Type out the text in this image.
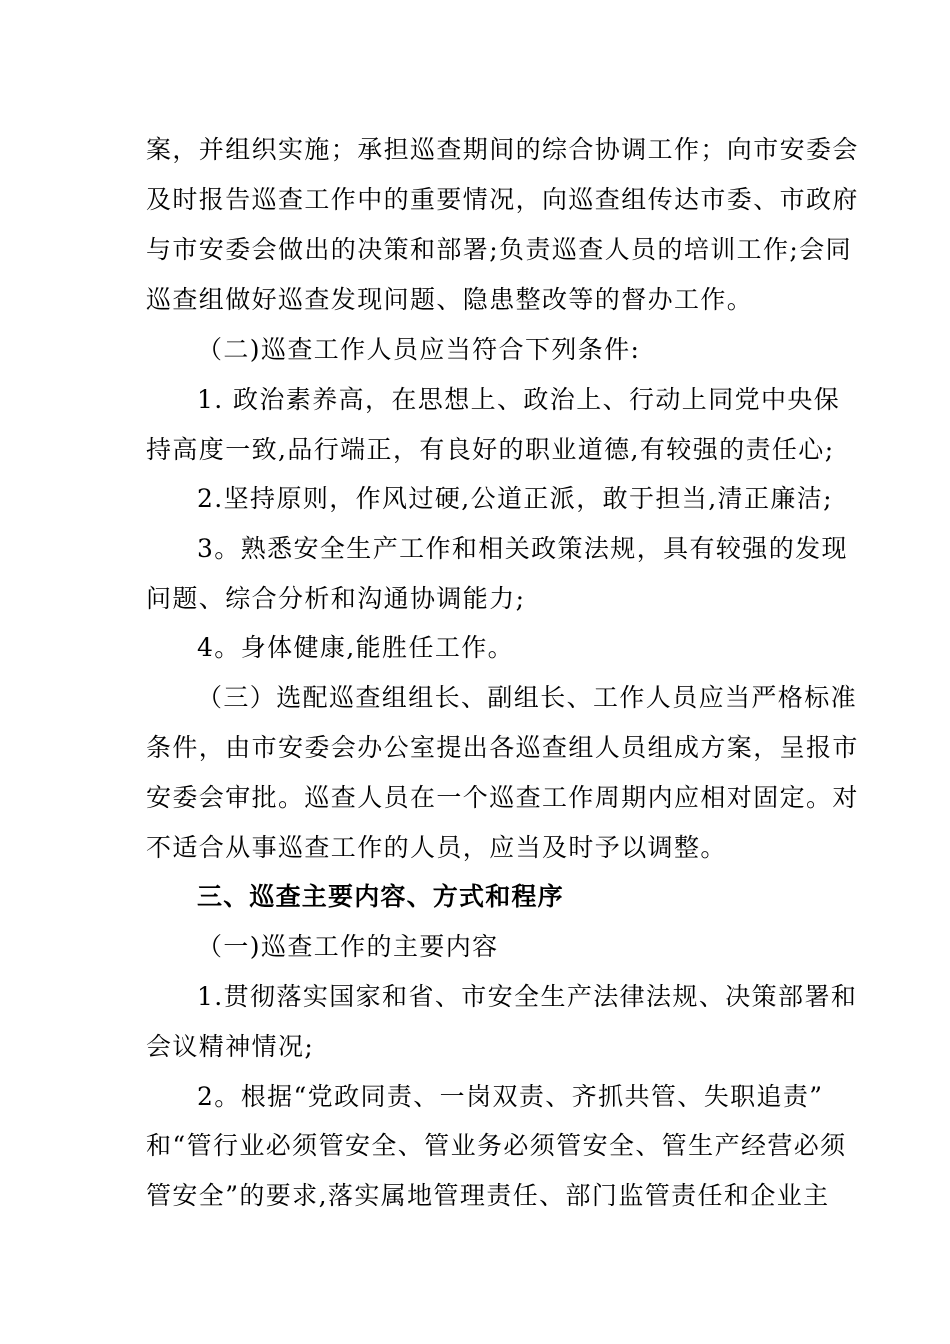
案，并组织实施；承担巡查期间的综合协调工作；向市安委会
及时报告巡查工作中的重要情况，向巡查组传达市委、市政府
与市安委会做出的决策和部署;负责巡查人员的培训工作;会同
巡查组做好巡查发现问题、隐患整改等的督办工作。
（二)巡查工作人员应当符合下列条件:
1. 政治素养高，在思想上、政治上、行动上同党中央保
持高度一致,品行端正，有良好的职业道德,有较强的责任心;
2.坚持原则，作风过硬,公道正派，敢于担当,清正廉洁;
3。熟悉安全生产工作和相关政策法规，具有较强的发现
问题、综合分析和沟通协调能力;
4。身体健康,能胜任工作。
（三）选配巡查组组长、副组长、工作人员应当严格标准
条件，由市安委会办公室提出各巡查组人员组成方案，呈报市
安委会审批。巡查人员在一个巡查工作周期内应相对固定。对
不适合从事巡查工作的人员，应当及时予以调整。
三、巡查主要内容、方式和程序
（一)巡查工作的主要内容
1.贯彻落实国家和省、市安全生产法律法规、决策部署和
会议精神情况;
2。根据“党政同责、一岗双责、齐抓共管、失职追责”
和“管行业必须管安全、管业务必须管安全、管生产经营必须
管安全”的要求,落实属地管理责任、部门监管责任和企业主
